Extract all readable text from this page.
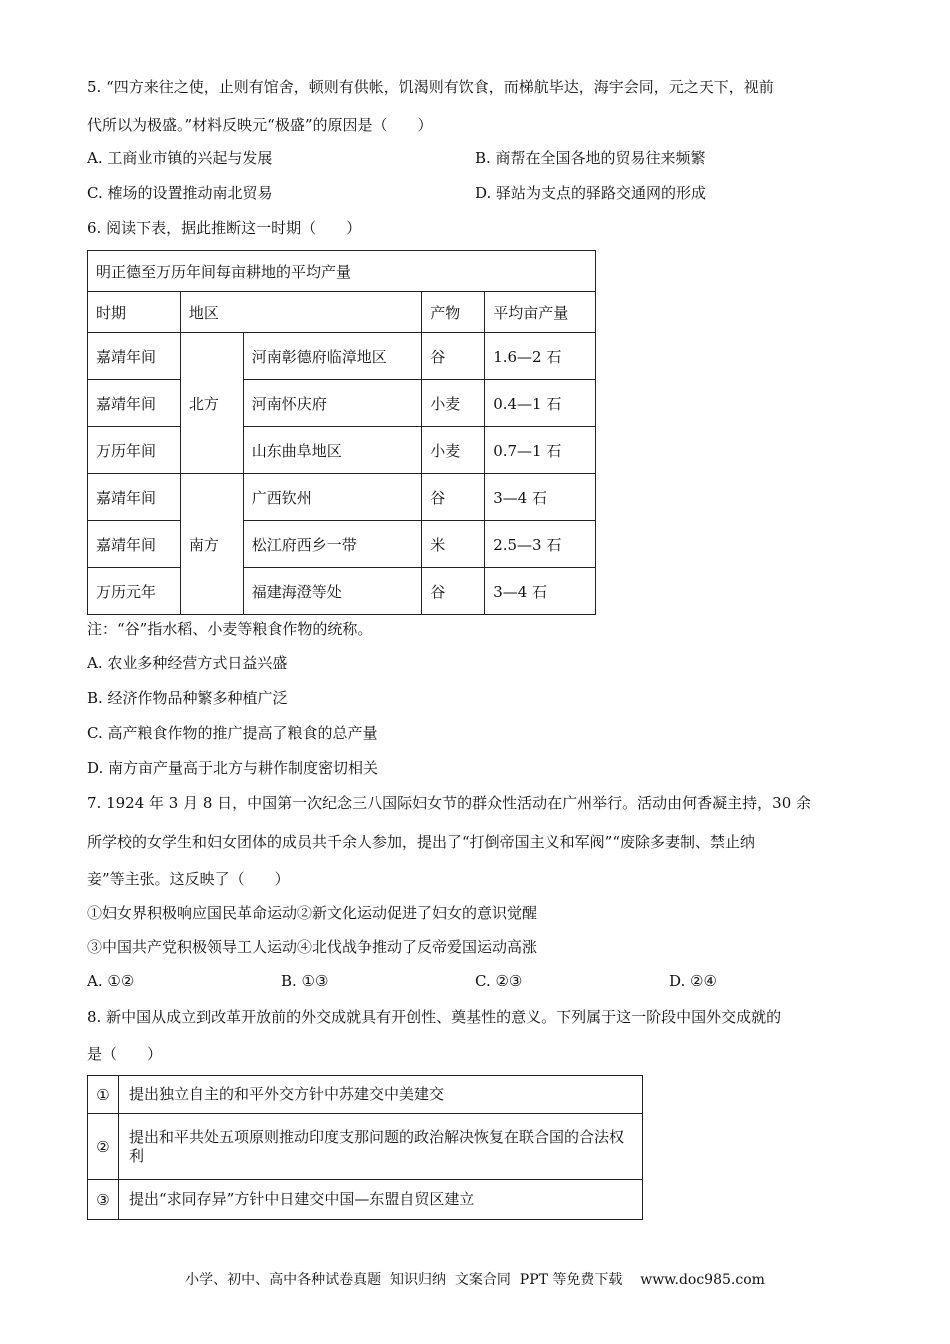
5. “四方来往之使，止则有馆舍，顿则有供帐，饥渴则有饮食，而梯航毕达，海宇会同，元之天下，视前
代所以为极盛。”材料反映元“极盛”的原因是（　　）
A. 工商业市镇的兴起与发展	B. 商帮在全国各地的贸易往来频繁
C. 榷场的设置推动南北贸易	D. 驿站为支点的驿路交通网的形成
6. 阅读下表，据此推断这一时期（　　）
明正德至万历年间每亩耕地的平均产量				
时期	地区		产物	平均亩产量
嘉靖年间	北方	河南彰德府临漳地区	谷	1.6—2 石
嘉靖年间		河南怀庆府	小麦	0.4—1 石
万历年间		山东曲阜地区	小麦	0.7—1 石
嘉靖年间	南方	广西钦州	谷	3—4 石
嘉靖年间		松江府西乡一带	米	2.5—3 石
万历元年		福建海澄等处	谷	3—4 石
注：“谷”指水稻、小麦等粮食作物的统称。
A. 农业多种经营方式日益兴盛
B. 经济作物品种繁多种植广泛
C. 高产粮食作物的推广提高了粮食的总产量
D. 南方亩产量高于北方与耕作制度密切相关
7. 1924 年 3 月 8 日，中国第一次纪念三八国际妇女节的群众性活动在广州举行。活动由何香凝主持，30 余
所学校的女学生和妇女团体的成员共千余人参加，提出了“打倒帝国主义和军阀”“废除多妻制、禁止纳
妾”等主张。这反映了（　　）
①妇女界积极响应国民革命运动②新文化运动促进了妇女的意识觉醒
③中国共产党积极领导工人运动④北伐战争推动了反帝爱国运动高涨
A. ①②	B. ①③	C. ②③	D. ②④
8. 新中国从成立到改革开放前的外交成就具有开创性、奠基性的意义。下列属于这一阶段中国外交成就的
是（　　）
①	提出独立自主的和平外交方针中苏建交中美建交
②	提出和平共处五项原则推动印度支那问题的政治解决恢复在联合国的合法权利
③	提出“求同存异”方针中日建交中国—东盟自贸区建立
小学、初中、高中各种试卷真题  知识归纳  文案合同  PPT 等免费下载    www.doc985.com
